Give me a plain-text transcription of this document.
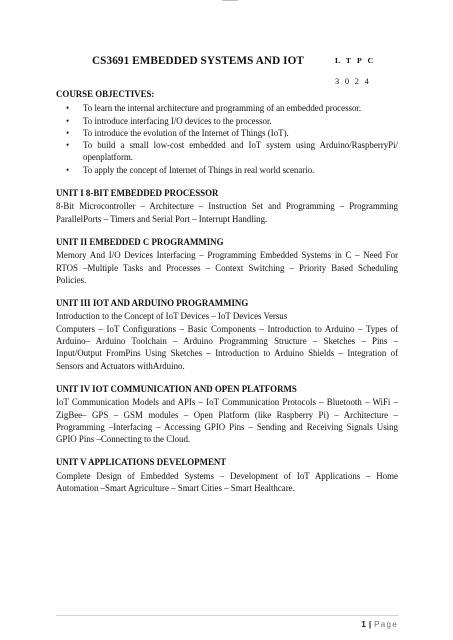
CS3691 EMBEDDED SYSTEMS AND IOT	L T P C
3 0 2 4

COURSE OBJECTIVES:

• To learn the internal architecture and programming of an embedded processor.
• To introduce interfacing I/O devices to the processor.
• To introduce the evolution of the Internet of Things (IoT).
• To build a small low-cost embedded and IoT system using Arduino/RaspberryPi/ openplatform.
• To apply the concept of Internet of Things in real world scenario.

UNIT I 8-BIT EMBEDDED PROCESSOR

8-Bit Microcontroller – Architecture – Instruction Set and Programming – Programming ParallelPorts – Timers and Serial Port – Interrupt Handling.

UNIT II EMBEDDED C PROGRAMMING

Memory And I/O Devices Interfacing – Programming Embedded Systems in C – Need For RTOS –Multiple Tasks and Processes – Context Switching – Priority Based Scheduling Policies.

UNIT III IOT AND ARDUINO PROGRAMMING

Introduction to the Concept of IoT Devices – IoT Devices Versus
Computers – IoT Configurations – Basic Components – Introduction to Arduino – Types of Arduino– Arduino Toolchain – Arduino Programming Structure – Sketches – Pins – Input/Output FromPins Using Sketches – Introduction to Arduino Shields – Integration of Sensors and Actuators withArduino.

UNIT IV IOT COMMUNICATION AND OPEN PLATFORMS

IoT Communication Models and APIs – IoT Communication Protocols – Bluetooth – WiFi – ZigBee– GPS – GSM modules – Open Platform (like Raspberry Pi) – Architecture – Programming –Interfacing – Accessing GPIO Pins – Sending and Receiving Signals Using GPIO Pins –Connecting to the Cloud.

UNIT V APPLICATIONS DEVELOPMENT

Complete Design of Embedded Systems – Development of IoT Applications – Home Automation –Smart Agriculture – Smart Cities – Smart Healthcare.

1 | Page
